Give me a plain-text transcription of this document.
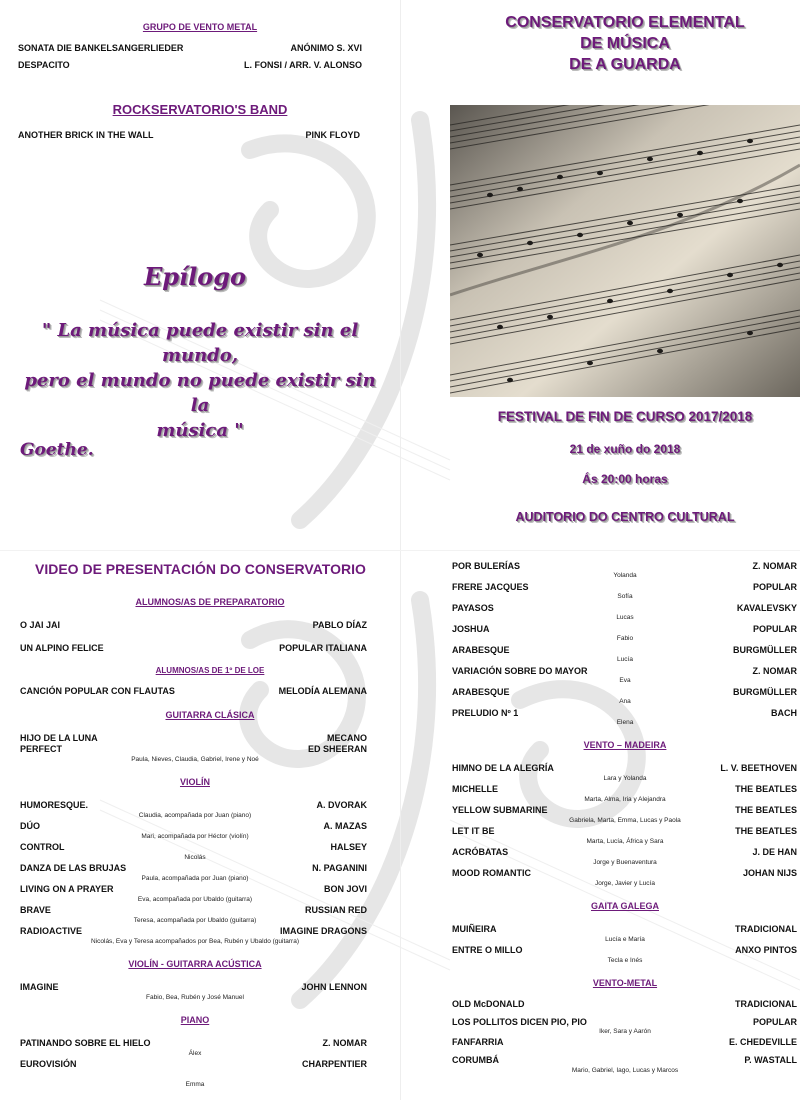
GRUPO DE VENTO METAL
SONATA DIE BANKELSANGERLIEDER	ANÓNIMO S. XVI
DESPACITO	L. FONSI / ARR. V. ALONSO
ROCKSERVATORIO'S BAND
ANOTHER BRICK IN THE WALL	PINK FLOYD
Epílogo
" La música puede existir sin el mundo,
pero el mundo no puede existir sin la
música "
Goethe.
CONSERVATORIO ELEMENTAL
DE MÚSICA
DE A GUARDA
FESTIVAL DE FIN DE CURSO 2017/2018
21 de xuño do 2018
Ás 20:00 horas
AUDITORIO DO CENTRO CULTURAL
VIDEO DE PRESENTACIÓN DO CONSERVATORIO
ALUMNOS/AS DE PREPARATORIO
O JAI JAI	PABLO DÍAZ
UN ALPINO FELICE	POPULAR ITALIANA
ALUMNOS/AS DE 1º DE LOE
CANCIÓN POPULAR CON FLAUTAS	MELODÍA ALEMANA
GUITARRA CLÁSICA
HIJO DE LA LUNA	MECANO
PERFECT	ED SHEERAN
Paula, Nieves, Claudia, Gabriel, Irene y Noé
VIOLÍN
HUMORESQUE.	A. DVORAK
Claudia, acompañada por Juan (piano)
DÚO	A. MAZAS
Mari, acompañada por Héctor (violín)
CONTROL	HALSEY
Nicolás
DANZA DE LAS BRUJAS	N. PAGANINI
Paula, acompañada por Juan (piano)
LIVING ON A PRAYER	BON JOVI
Eva, acompañada por Ubaldo (guitarra)
BRAVE	RUSSIAN RED
Teresa, acompañada por Ubaldo (guitarra)
RADIOACTIVE	IMAGINE DRAGONS
Nicolás, Eva y Teresa acompañados por Bea, Rubén y Ubaldo (guitarra)
VIOLÍN - GUITARRA ACÚSTICA
IMAGINE	JOHN LENNON
Fabio, Bea, Rubén y José Manuel
PIANO
PATINANDO SOBRE EL HIELO	Z. NOMAR
Álex
EUROVISIÓN	CHARPENTIER
Emma
POR BULERÍAS	Z. NOMAR
Yolanda
FRERE JACQUES	POPULAR
Sofía
PAYASOS	KAVALEVSKY
Lucas
JOSHUA	POPULAR
Fabio
ARABESQUE	BURGMÜLLER
Lucía
VARIACIÓN SOBRE DO MAYOR	Z. NOMAR
Eva
ARABESQUE	BURGMÜLLER
Ana
PRELUDIO Nº 1	BACH
Elena
VENTO – MADEIRA
HIMNO DE LA ALEGRÍA	L. V. BEETHOVEN
Lara y Yolanda
MICHELLE	THE BEATLES
Marta, Alma, Iria y Alejandra
YELLOW SUBMARINE	THE BEATLES
Gabriela, Marta, Emma, Lucas y Paola
LET IT BE	THE BEATLES
Marta, Lucía, África y Sara
ACRÓBATAS	J. DE HAN
Jorge y Buenaventura
MOOD ROMANTIC	JOHAN NIJS
Jorge, Javier y Lucía
GAITA GALEGA
MUIÑEIRA	TRADICIONAL
Lucía e María
ENTRE O MILLO	ANXO PINTOS
Tecla e Inés
VENTO-METAL
OLD McDONALD	TRADICIONAL
LOS POLLITOS DICEN PIO, PIO	POPULAR
Iker, Sara y Aarón
FANFARRIA	E. CHEDEVILLE
CORUMBÁ	P. WASTALL
Mario, Gabriel, Iago, Lucas y Marcos
